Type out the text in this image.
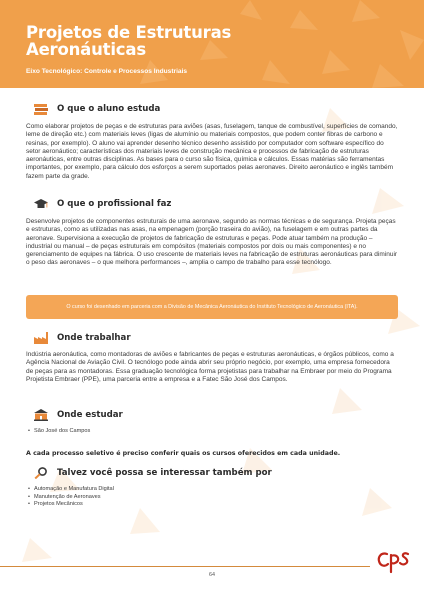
Projetos de Estruturas Aeronáuticas
Eixo Tecnológico: Controle e Processos Industriais
O que o aluno estuda

Como elaborar projetos de peças e de estruturas para aviões (asas, fuselagem, tanque de combustível, superfícies de comando, leme de direção etc.) com materiais leves (ligas de alumínio ou materiais compostos, que podem conter fibras de carbono e resinas, por exemplo). O aluno vai aprender desenho técnico desenho assistido por computador com software específico do setor aeronáutico; características dos materiais leves de construção mecânica e processos de fabricação de estruturas aeronáuticas, entre outras disciplinas. As bases para o curso são física, química e cálculos. Essas matérias são ferramentas importantes, por exemplo, para cálculo dos esforços a serem suportados pelas aeronaves. Direito aeronáutico e inglês também fazem parte da grade.

O que o profissional faz

Desenvolve projetos de componentes estruturais de uma aeronave, segundo as normas técnicas e de segurança. Projeta peças e estruturas, como as utilizadas nas asas, na empenagem (porção traseira do avião), na fuselagem e em outras partes da aeronave. Supervisiona a execução de projetos de fabricação de estruturas e peças. Pode atuar também na produção – industrial ou manual – de peças estruturais em compósitos (materiais compostos por dois ou mais componentes) e no gerenciamento de equipes na fábrica. O uso crescente de materiais leves na fabricação de estruturas aeronáuticas para diminuir o peso das aeronaves – o que melhora performances –, amplia o campo de trabalho para esse tecnólogo.

O curso foi desenhado em parceria com a Divisão de Mecânica Aeronáutica do Instituto Tecnológico de Aeronáutica (ITA).
Onde trabalhar

Indústria aeronáutica, como montadoras de aviões e fabricantes de peças e estruturas aeronáuticas, e órgãos públicos, como a Agência Nacional de Aviação Civil. O tecnólogo pode ainda abrir seu próprio negócio, por exemplo, uma empresa fornecedora de peças para as montadoras. Essa graduação tecnológica forma projetistas para trabalhar na Embraer por meio do Programa Projetista Embraer (PPE), uma parceria entre a empresa e a Fatec São José dos Campos.

Onde estudar
• São José dos Campos

A cada processo seletivo é preciso conferir quais os cursos oferecidos em cada unidade.

Talvez você possa se interessar também por
• Automação e Manufatura Digital
• Manutenção de Aeronaves
• Projetos Mecânicos
64
